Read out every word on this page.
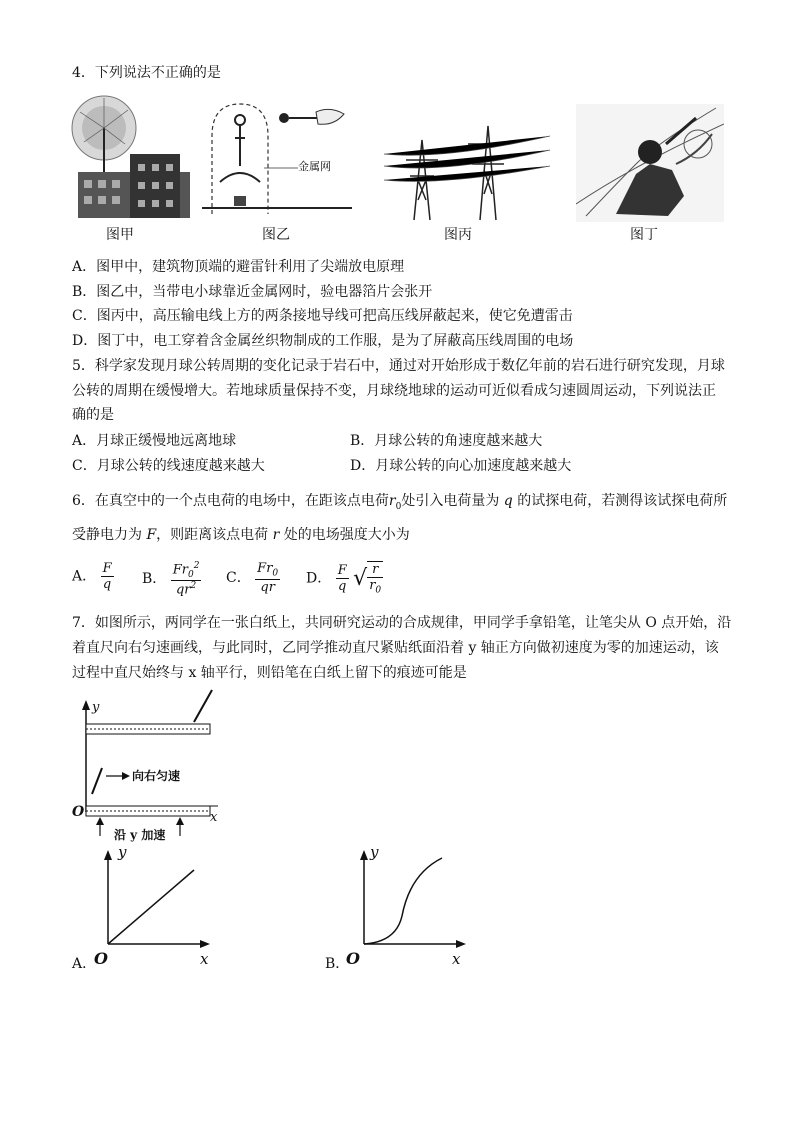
4．下列说法不正确的是
图甲
金属网
图乙	图丙	图丁
A．图甲中，建筑物顶端的避雷针利用了尖端放电原理
B．图乙中，当带电小球靠近金属网时，验电器箔片会张开
C．图丙中，高压输电线上方的两条接地导线可把高压线屏蔽起来，使它免遭雷击
D．图丁中，电工穿着含金属丝织物制成的工作服，是为了屏蔽高压线周围的电场
5．科学家发现月球公转周期的变化记录于岩石中，通过对开始形成于数亿年前的岩石进行研究发现，月球
公转的周期在缓慢增大。若地球质量保持不变，月球绕地球的运动可近似看成匀速圆周运动，下列说法正
确的是
A．月球正缓慢地远离地球	B．月球公转的角速度越来越大
C．月球公转的线速度越来越大	D．月球公转的向心加速度越来越大
6．在真空中的一个点电荷的电场中，在距该点电荷$r_0$处引入电荷量为 q 的试探电荷，若测得该试探电荷所
受静电力为 F，则距离该点电荷 r 处的电场强度大小为
A． $\frac{F}{q}$ B． $\frac{Fr_0^2}{qr^2}$ C． $\frac{Fr_0}{qr}$ D． $\frac{F}{q}$ √ $\frac{r}{r_0}$
7．如图所示，两同学在一张白纸上，共同研究运动的合成规律，甲同学手拿铅笔，让笔尖从 O 点开始，沿
着直尺向右匀速画线，与此同时，乙同学推动直尺紧贴纸面沿着 y 轴正方向做初速度为零的加速运动，该
过程中直尺始终与 x 轴平行，则铅笔在白纸上留下的痕迹可能是
y
x
O
向右匀速
沿 y 加速
A．
O
y
x	B．
O
y
x
